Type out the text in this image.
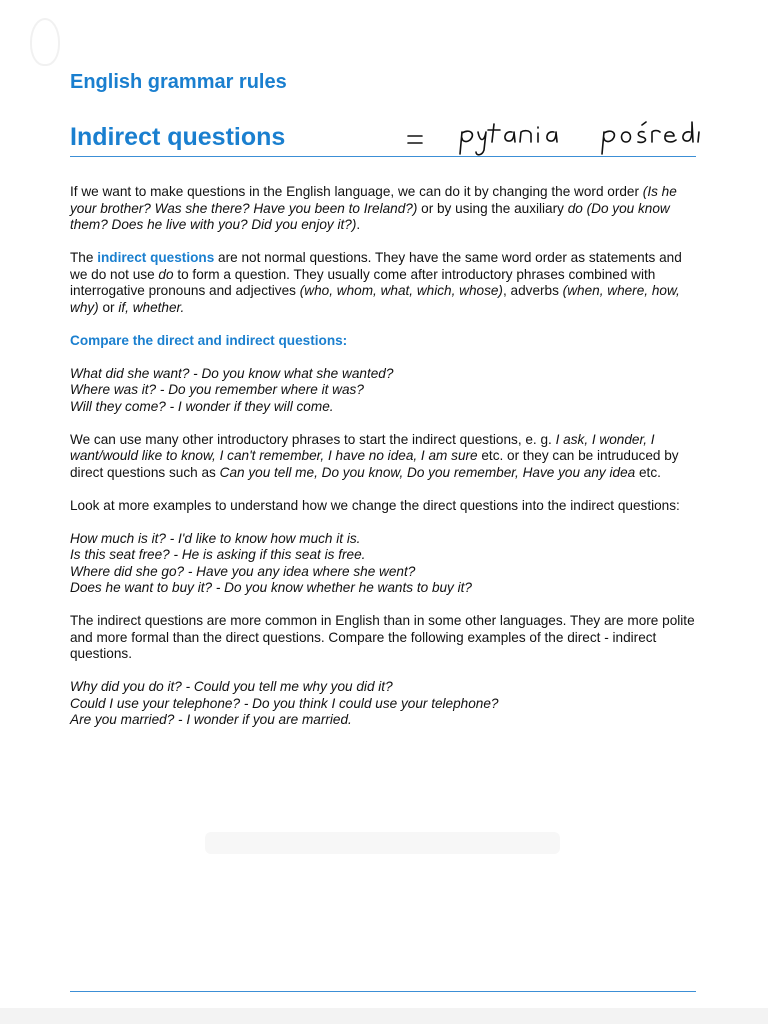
English grammar rules
Indirect questions

If we want to make questions in the English language, we can do it by changing the word order (Is he your brother? Was she there? Have you been to Ireland?) or by using the auxiliary do (Do you know them? Does he live with you? Did you enjoy it?).

The indirect questions are not normal questions. They have the same word order as statements and we do not use do to form a question. They usually come after introductory phrases combined with interrogative pronouns and adjectives (who, whom, what, which, whose), adverbs (when, where, how, why) or if, whether.

Compare the direct and indirect questions:

What did she want? - Do you know what she wanted?
Where was it? - Do you remember where it was?
Will they come? - I wonder if they will come.

We can use many other introductory phrases to start the indirect questions, e. g. I ask, I wonder, I want/would like to know, I can't remember, I have no idea, I am sure etc. or they can be intruduced by direct questions such as Can you tell me, Do you know, Do you remember, Have you any idea etc.

Look at more examples to understand how we change the direct questions into the indirect questions:

How much is it? - I'd like to know how much it is.
Is this seat free? - He is asking if this seat is free.
Where did she go? - Have you any idea where she went?
Does he want to buy it? - Do you know whether he wants to buy it?

The indirect questions are more common in English than in some other languages. They are more polite and more formal than the direct questions. Compare the following examples of the direct - indirect questions.

Why did you do it? - Could you tell me why you did it?
Could I use your telephone? - Do you think I could use your telephone?
Are you married? - I wonder if you are married.
